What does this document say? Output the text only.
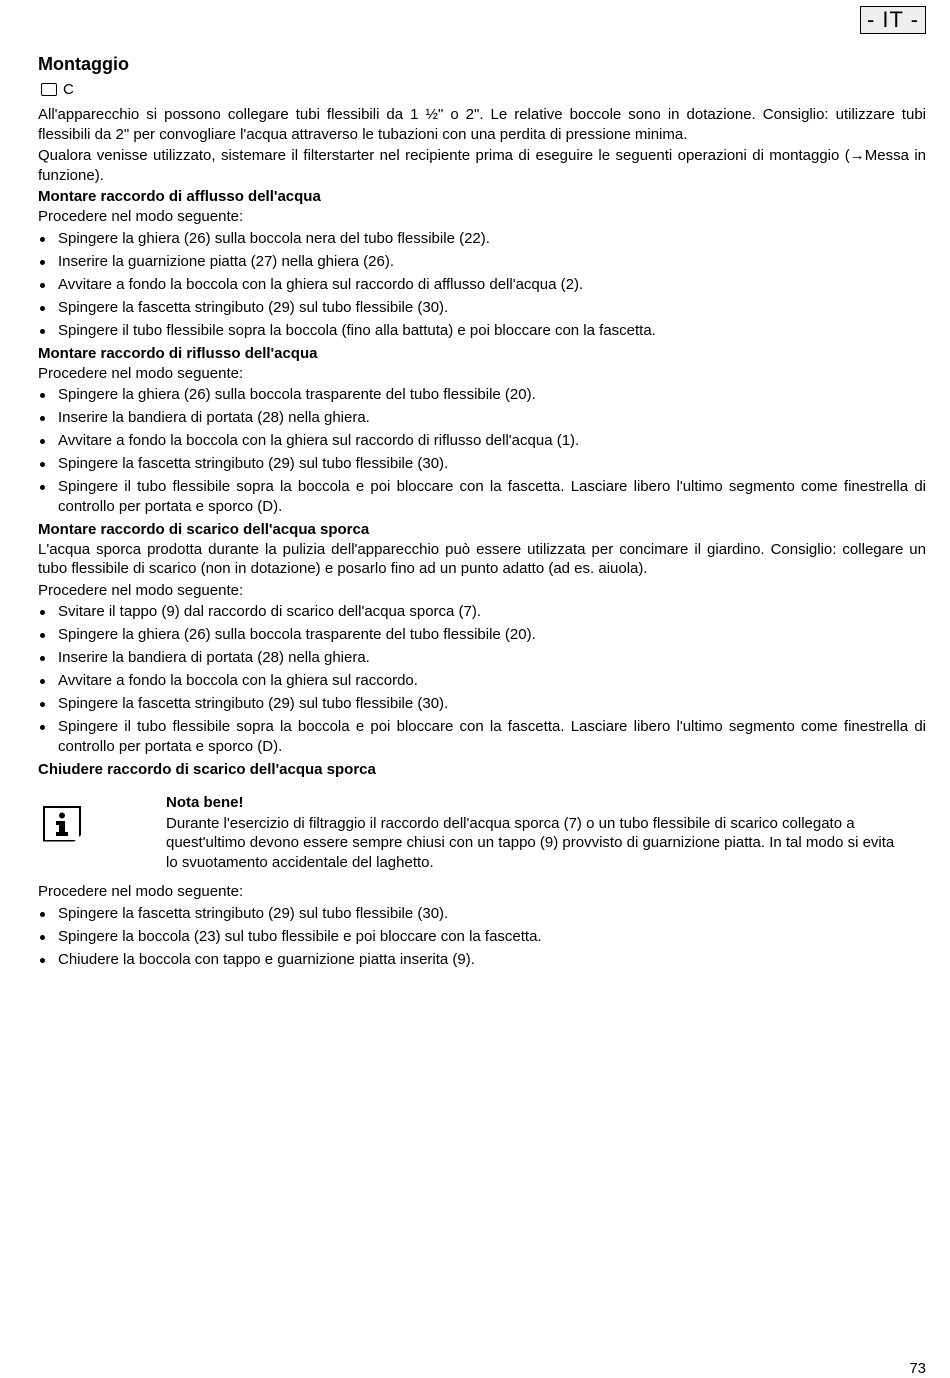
- IT -
Montaggio
C

All'apparecchio si possono collegare tubi flessibili da 1 ½" o 2". Le relative boccole sono in dotazione. Consiglio: utilizzare tubi flessibili da 2" per convogliare l'acqua attraverso le tubazioni con una perdita di pressione minima.

Qualora venisse utilizzato, sistemare il filterstarter nel recipiente prima di eseguire le seguenti operazioni di montaggio (→Messa in funzione).

Montare raccordo di afflusso dell'acqua

Procedere nel modo seguente:

Spingere la ghiera (26) sulla boccola nera del tubo flessibile (22).
Inserire la guarnizione piatta (27) nella ghiera (26).
Avvitare a fondo la boccola con la ghiera sul raccordo di afflusso dell'acqua (2).
Spingere la fascetta stringibuto (29) sul tubo flessibile (30).
Spingere il tubo flessibile sopra la boccola (fino alla battuta) e poi bloccare con la fascetta.
Montare raccordo di riflusso dell'acqua

Procedere nel modo seguente:

Spingere la ghiera (26) sulla boccola trasparente del tubo flessibile (20).
Inserire la bandiera di portata (28) nella ghiera.
Avvitare a fondo la boccola con la ghiera sul raccordo di riflusso dell'acqua (1).
Spingere la fascetta stringibuto (29) sul tubo flessibile (30).
Spingere il tubo flessibile sopra la boccola e poi bloccare con la fascetta. Lasciare libero l'ultimo segmento come finestrella di controllo per portata e sporco (D).
Montare raccordo di scarico dell'acqua sporca

L'acqua sporca prodotta durante la pulizia dell'apparecchio può essere utilizzata per concimare il giardino. Consiglio: collegare un tubo flessibile di scarico (non in dotazione) e posarlo fino ad un punto adatto (ad es. aiuola).

Procedere nel modo seguente:

Svitare il tappo (9) dal raccordo di scarico dell'acqua sporca (7).
Spingere la ghiera (26) sulla boccola trasparente del tubo flessibile (20).
Inserire la bandiera di portata (28) nella ghiera.
Avvitare a fondo la boccola con la ghiera sul raccordo.
Spingere la fascetta stringibuto (29) sul tubo flessibile (30).
Spingere il tubo flessibile sopra la boccola e poi bloccare con la fascetta. Lasciare libero l'ultimo segmento come finestrella di controllo per portata e sporco (D).
Chiudere raccordo di scarico dell'acqua sporca
Nota bene!
Durante l'esercizio di filtraggio il raccordo dell'acqua sporca (7) o un tubo flessibile di scarico collegato a quest'ultimo devono essere sempre chiusi con un tappo (9) provvisto di guarnizione piatta. In tal modo si evita lo svuotamento accidentale del laghetto.

Procedere nel modo seguente:

Spingere la fascetta stringibuto (29) sul tubo flessibile (30).
Spingere la boccola (23) sul tubo flessibile e poi bloccare con la fascetta.
Chiudere la boccola con tappo e guarnizione piatta inserita (9).
73
